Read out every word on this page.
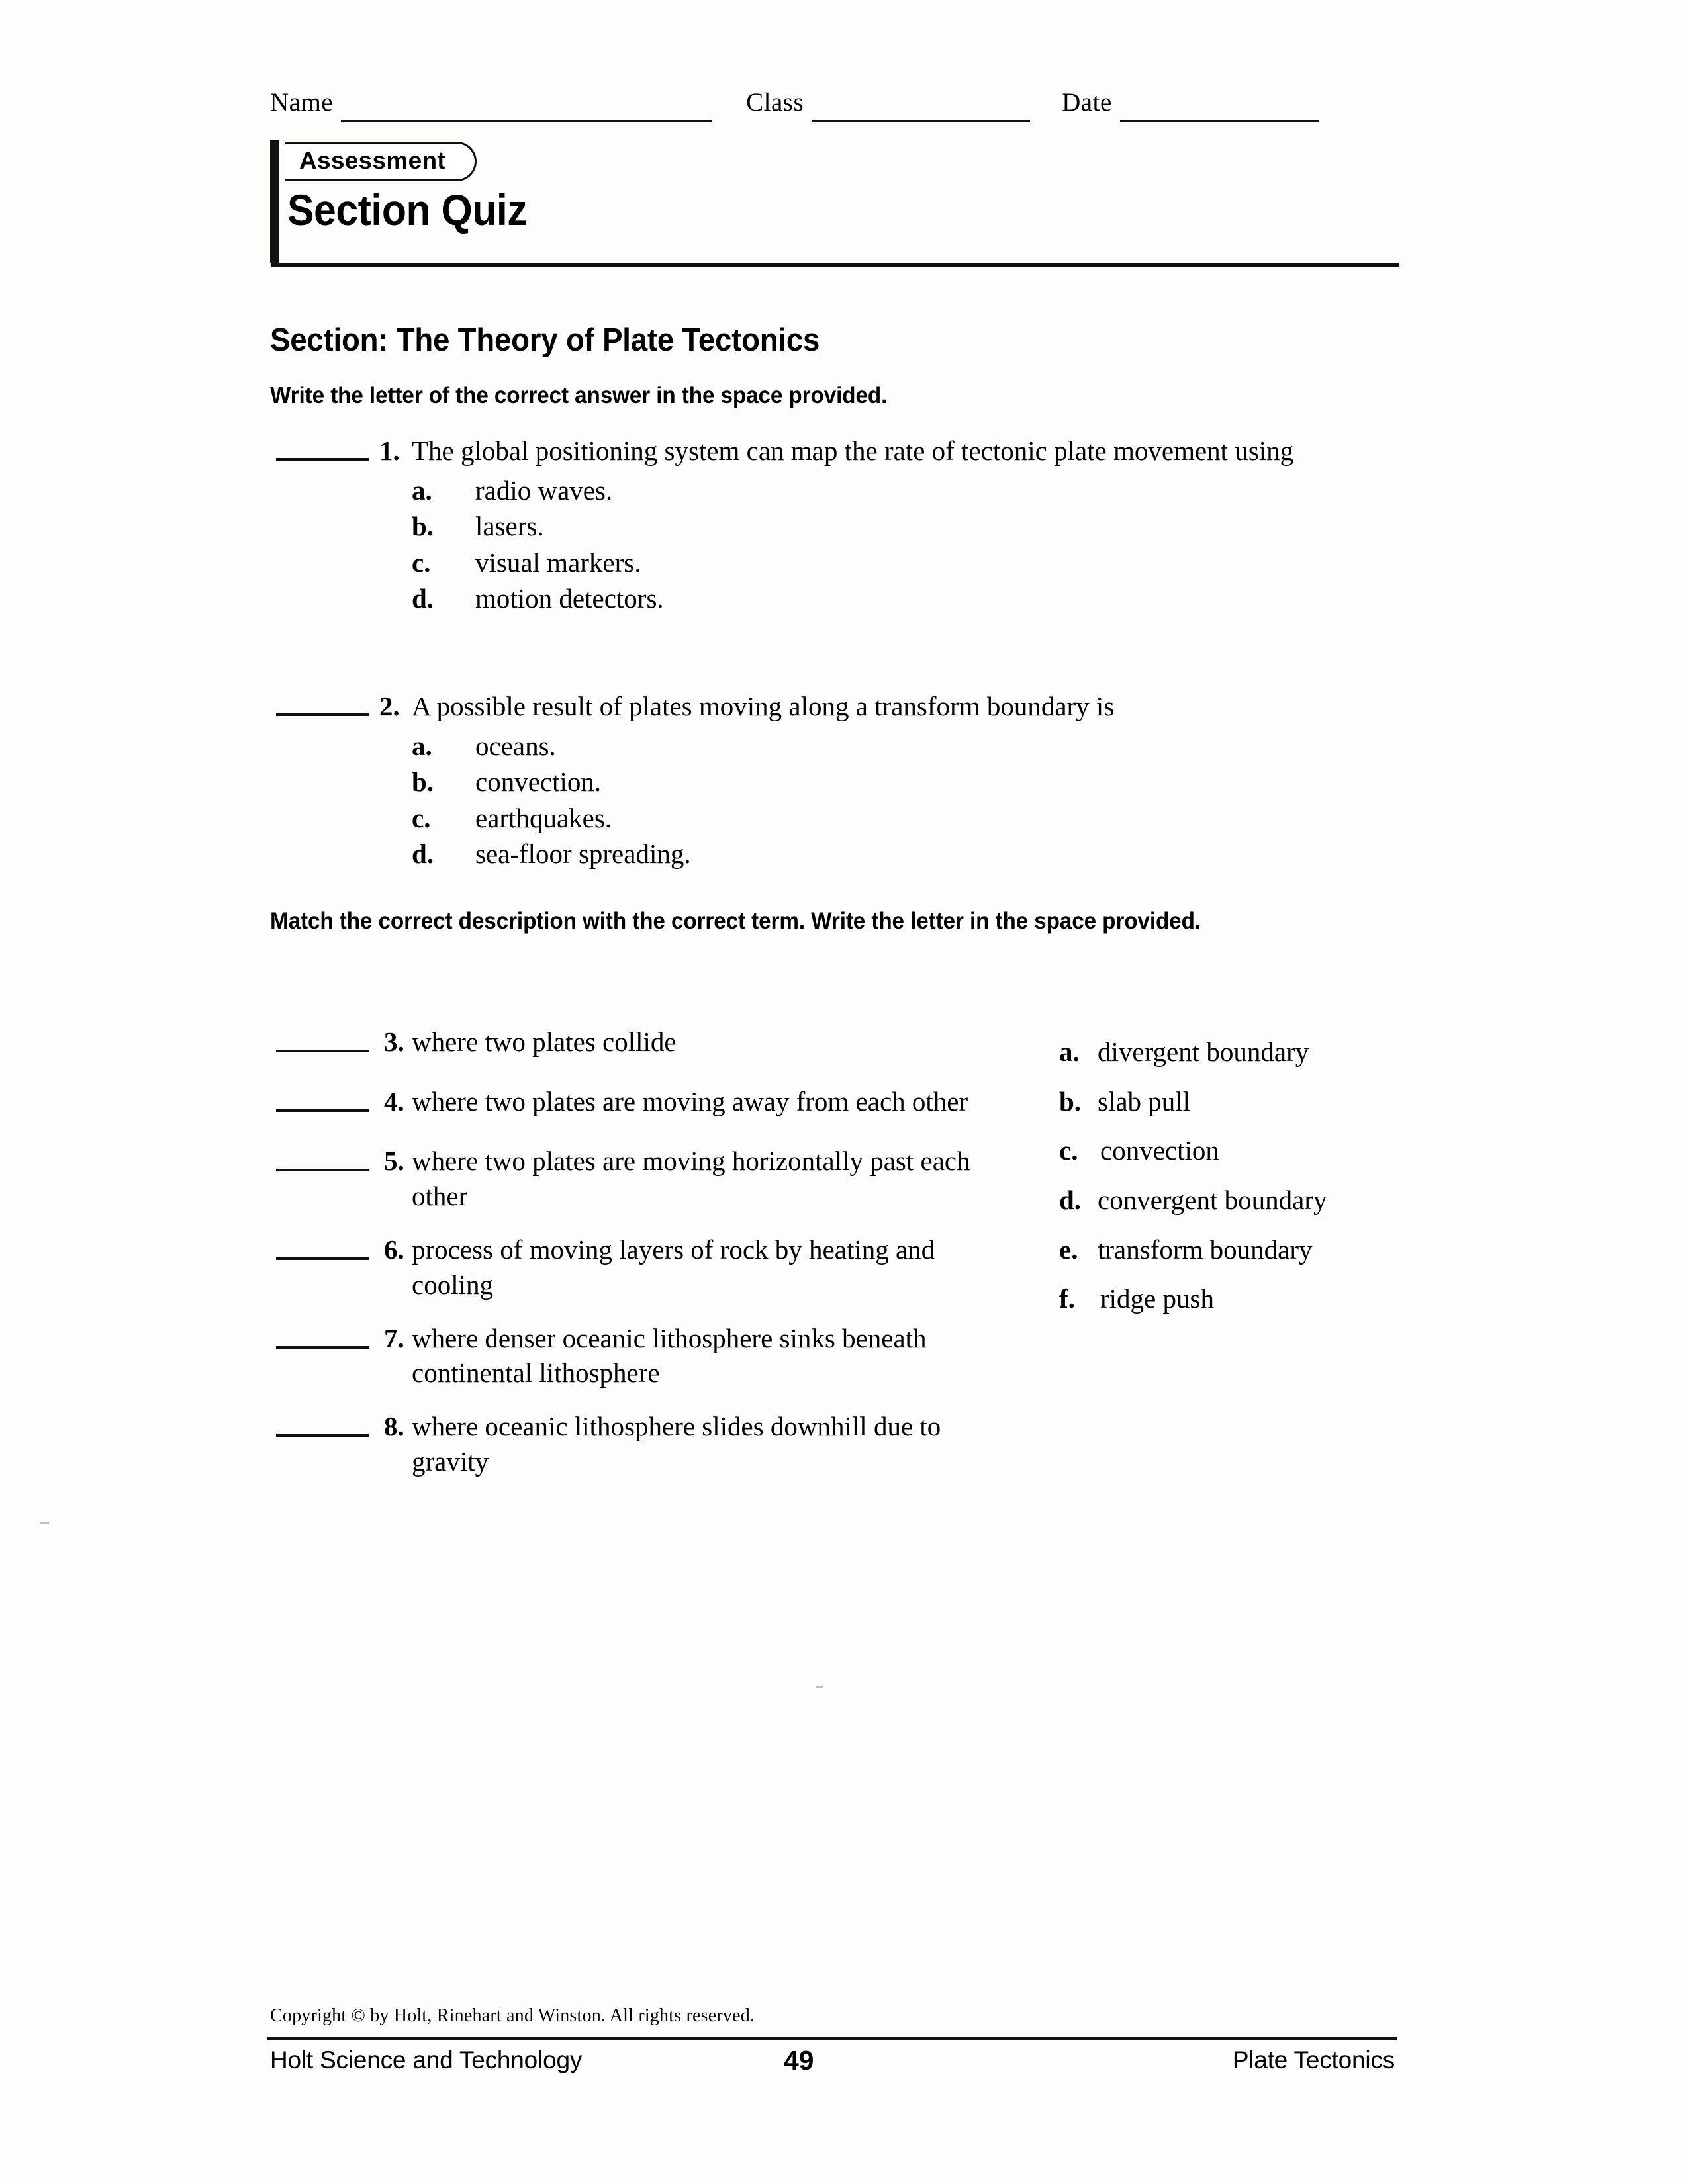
Name	Class	Date
Assessment
Section Quiz
Section: The Theory of Plate Tectonics
Write the letter of the correct answer in the space provided.
1. The global positioning system can map the rate of tectonic plate movement using
a. radio waves.
b. lasers.
c. visual markers.
d. motion detectors.
2. A possible result of plates moving along a transform boundary is
a. oceans.
b. convection.
c. earthquakes.
d. sea-floor spreading.
Match the correct description with the correct term. Write the letter in the space provided.
3. where two plates collide
4. where two plates are moving away from each other
5. where two plates are moving horizontally past each other
6. process of moving layers of rock by heating and cooling
7. where denser oceanic lithosphere sinks beneath continental lithosphere
8. where oceanic lithosphere slides downhill due to gravity
a. divergent boundary
b. slab pull
c. convection
d. convergent boundary
e. transform boundary
f. ridge push
Copyright © by Holt, Rinehart and Winston. All rights reserved.
Holt Science and Technology	49	Plate Tectonics
